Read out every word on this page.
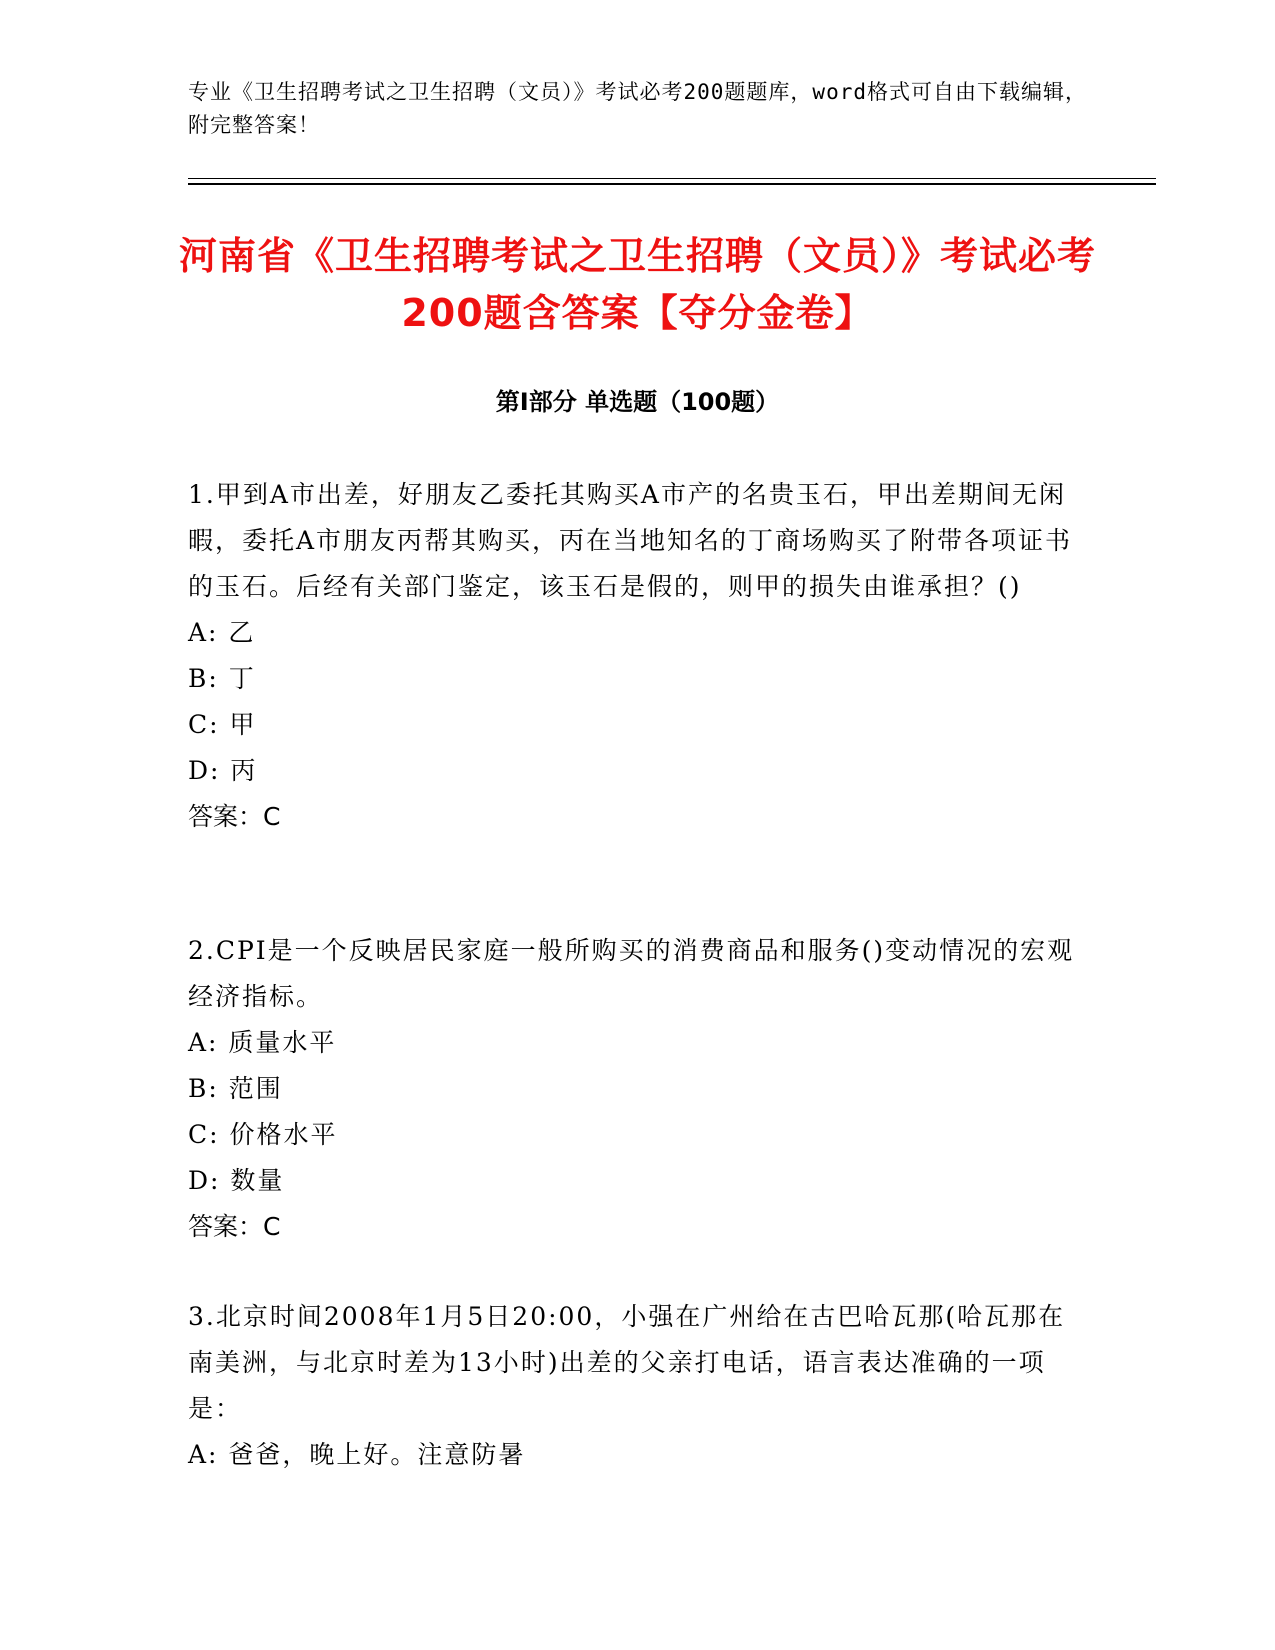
专业《卫生招聘考试之卫生招聘（文员）》考试必考200题题库，word格式可自由下载编辑，附完整答案！
河南省《卫生招聘考试之卫生招聘（文员）》考试必考200题含答案【夺分金卷】
第Ⅰ部分 单选题（100题）

1.甲到A市出差，好朋友乙委托其购买A市产的名贵玉石，甲出差期间无闲暇，委托A市朋友丙帮其购买，丙在当地知名的丁商场购买了附带各项证书的玉石。后经有关部门鉴定，该玉石是假的，则甲的损失由谁承担？()

A: 乙

B: 丁

C: 甲

D: 丙

答案：C

2.CPI是一个反映居民家庭一般所购买的消费商品和服务()变动情况的宏观经济指标。

A: 质量水平

B: 范围

C: 价格水平

D: 数量

答案：C

3.北京时间2008年1月5日20:00，小强在广州给在古巴哈瓦那(哈瓦那在南美洲，与北京时差为13小时)出差的父亲打电话，语言表达准确的一项是：

A: 爸爸，晚上好。注意防暑
